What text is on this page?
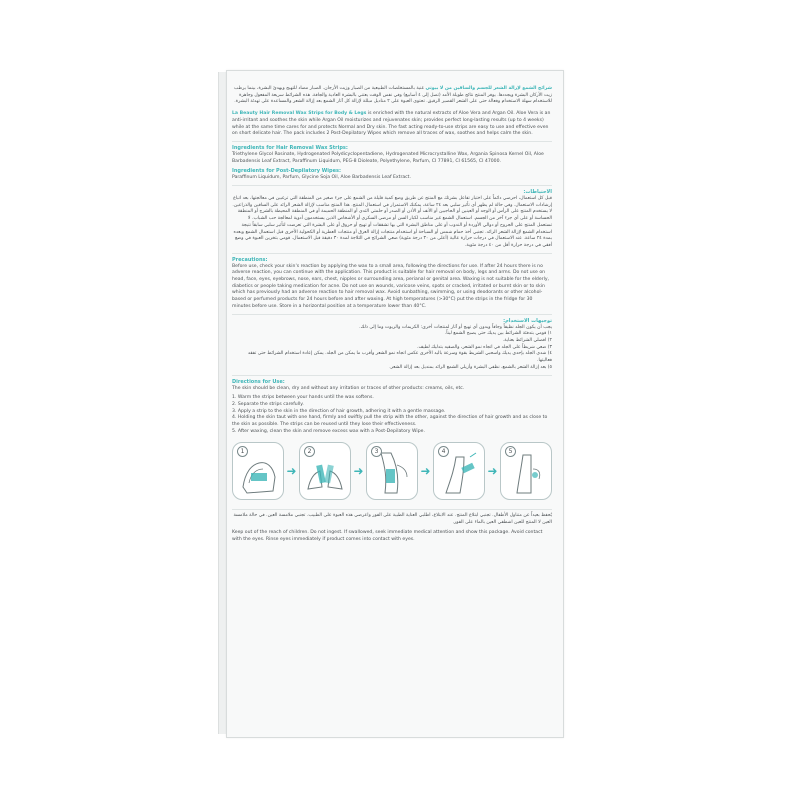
شرائح الشمع لإزالة الشعر للجسم والساقين من لا بيوتي غنية بالمستخلصات الطبيعية من الصبار وزيت الأرجان. الصبار مضاد للتهيج ويهدئ البشرة، بينما يرطب زيت الأركان البشرة ويجددها. يوفر المنتج نتائج طويلة الأمد (تصل إلى ٤ أسابيع) وفي نفس الوقت يعتني بالبشرة العادية والجافة. هذه الشرائط سريعة المفعول وجاهزة للاستخدام سهلة الاستخدام وفعالة حتى على الشعر القصير الرقيق. تحتوي العبوة على ٢ مناديل مبللة لإزالة كل آثار الشمع بعد إزالة الشعر والمساعدة على تهدئة البشرة.

La Beauty Hair Removal Wax Strips for Body & Legs is enriched with the natural extracts of Aloe Vera and Argan Oil. Aloe Vera is an anti-irritant and soothes the skin while Argan Oil moisturizes and rejuvenates skin; provides perfect long-lasting results (up to 4 weeks) while at the same time cares for and protects Normal and Dry skin. The fast acting ready-to-use strips are easy to use and effective even on short delicate hair. The pack includes 2 Post-Depilatory Wipes which remove all traces of wax, soothes and helps calm the skin.

Ingredients for Hair Removal Wax Strips:

Triethylene Glycol Rosinate, Hydrogenated Polydicyclopentadiene, Hydrogenated Microcrystalline Wax, Argania Spinosa Kernel Oil, Aloe Barbadensis Leaf Extract, Paraffinum Liquidum, PEG-8 Dioleate, Polyethylene, Parfum, CI 77891, CI 61565, CI 47000.

Ingredients for Post-Depilatory Wipes:

Paraffinum Liquidum, Parfum, Glycine Soja Oil, Aloe Barbadensis Leaf Extract.

الاحتياطات:

قبل كل استعمال، احرصي دائماً على اختبار تفاعل بشرتك مع المنتج عن طريق وضع كمية قليلة من الشمع على جزء صغير من المنطقة التي ترغبين في معالجتها، بعد اتباع إرشادات الاستعمال. وفي حالة لم يظهر أي تأثير سلبي بعد ٢٤ ساعة، يمكنك الاستمرار في استعمال المنتج. هذا المنتج مناسب لإزالة الشعر الزائد على الساقين والذراعين. لا يستخدم المنتج على الرأس أو الوجه أو العينين أو الحاجبين أو الأنف أو الأذن أو الصدر أو حلمتي الثدي أو المنطقة الحميمة أو في المنطقة المحيطة بالشرج أو المنطقة الحساسة أو على أي جزء آخر من الجسم. استعمال الشمع غير مناسب لكبار السن أو مرضى السكري أو الأشخاص الذين يستخدمون أدوية لمعالجة حب الشباب. لا تستعمل المنتج على الجروح أو دوالي الأوردة أو الندوب أو على مناطق البشرة التي بها تشققات أو تهيج أو حروق أو على البشرة التي تعرضت لتأثير سلبي سابقاً نتيجة استخدام الشمع لإزالة الشعر الزائد. تجنبي أخذ حمام شمس أو السباحة أو استخدام منتجات إزالة العرق أو منتجات العطرية أو الكحولية الأخرى قبل استعمال الشمع وبعده بمدة ٢٤ ساعة. عند الاستعمال في درجات حرارة عالية (أعلى من ٣٠ درجة مئوية) ضعي الشرائح في الثلاجة لمدة ٣٠ دقيقة قبل الاستعمال. قومي بتخزين العبوة في وضع أفقي في درجة حرارة أقل من ٤٠ درجة مئوية.

Precautions:

Before use, check your skin's reaction by applying the wax to a small area, following the directions for use. If after 24 hours there is no adverse reaction, you can continue with the application. This product is suitable for hair removal on body, legs and arms. Do not use on head, face, eyes, eyebrows, nose, ears, chest, nipples or surrounding area, perianal or genital area. Waxing is not suitable for the elderly, diabetics or people taking medication for acne. Do not use on wounds, varicose veins, spots or cracked, irritated or burnt skin or to skin which has previously had an adverse reaction to hair removal wax. Avoid sunbathing, swimming, or using deodorants or other alcohol-based or perfumed products for 24 hours before and after waxing. At high temperatures (>30°C) put the strips in the fridge for 30 minutes before use. Store in a horizontal position at a temperature lower than 40°C.

توجيهات الاستخدام:

يجب أن يكون الجلد نظيفاً وجافاً وبدون أي تهيج أو آثار لمنتجات أخرى: الكريمات والزيوت وما إلى ذلك.

١) قومي بتدفئة الشرائط بين يديك حتى يصبح الشمع ليناً.

٢) افصلي الشرائط بعناية.

٣) ضعي شريطاً على الجلد في اتجاه نمو الشعر، والصقيه بتدليك لطيف.

٤) شدي الجلد بإحدى يديك واسحبي الشريط بقوة وسرعة باليد الأخرى عكس اتجاه نمو الشعر وأقرب ما يمكن من الجلد. يمكن إعادة استخدام الشرائط حتى تفقد فعاليتها.

٥) بعد إزالة الشعر بالشمع، نظفي البشرة وأزيلي الشمع الزائد بمنديل بعد إزالة الشعر.

Directions for Use:

The skin should be clean, dry and without any irritation or traces of other products: creams, oils, etc.

1. Warm the strips between your hands until the wax softens.

2. Separate the strips carefully.

3. Apply a strip to the skin in the direction of hair growth, adhering it with a gentle massage.

4. Holding the skin taut with one hand, firmly and swiftly pull the strip with the other, against the direction of hair growth and as close to the skin as possible. The strips can be reused until they lose their effectiveness.

5. After waxing, clean the skin and remove excess wax with a Post-Depilatory Wipe.

1
➜
2
➜
3
➜
4
➜
5

يُحفظ بعيداً عن متناول الأطفال. تجنبي ابتلاع المنتج. عند الابتلاع، اطلبي العناية الطبية على الفور واعرضي هذه العبوة على الطبيب. تجنبي ملامسة العين. في حالة ملامسة العين لا المنتج للعين اشطفي العين بالماء على الفور.

Keep out of the reach of children. Do not ingest. If swallowed, seek immediate medical attention and show this package. Avoid contact with the eyes. Rinse eyes immediately if product comes into contact with eyes.
